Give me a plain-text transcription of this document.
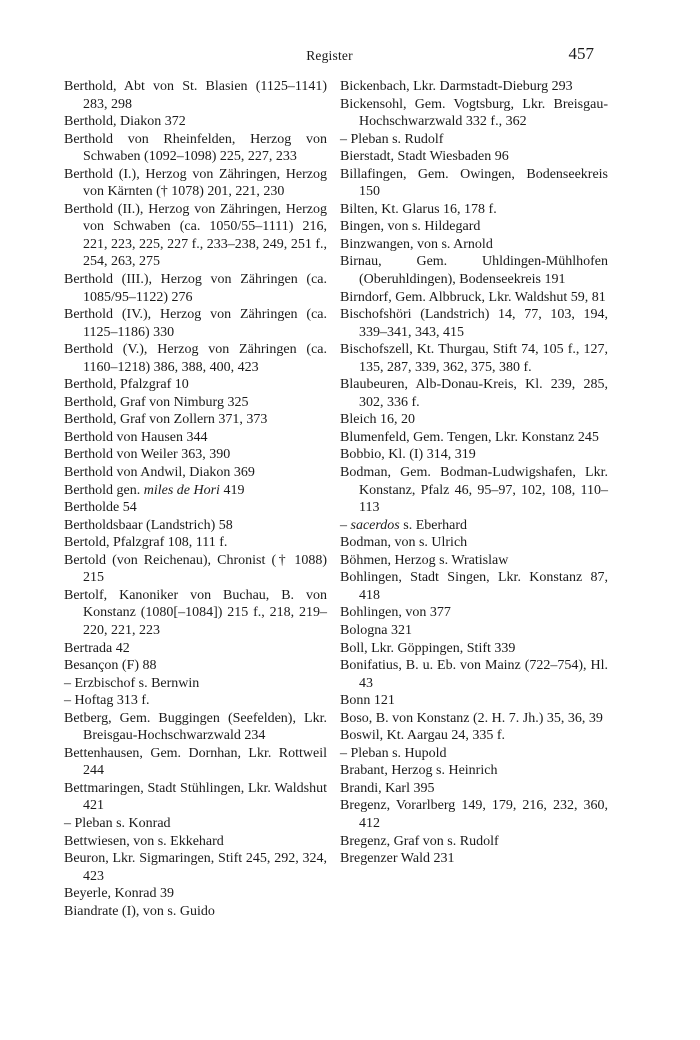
Register	457
Berthold, Abt von St. Blasien (1125–1141) 283, 298
Berthold, Diakon 372
Berthold von Rheinfelden, Herzog von Schwaben (1092–1098) 225, 227, 233
Berthold (I.), Herzog von Zähringen, Herzog von Kärnten († 1078) 201, 221, 230
Berthold (II.), Herzog von Zähringen, Herzog von Schwaben (ca. 1050/55–1111) 216, 221, 223, 225, 227 f., 233–238, 249, 251 f., 254, 263, 275
Berthold (III.), Herzog von Zähringen (ca. 1085/95–1122) 276
Berthold (IV.), Herzog von Zähringen (ca. 1125–1186) 330
Berthold (V.), Herzog von Zähringen (ca. 1160–1218) 386, 388, 400, 423
Berthold, Pfalzgraf 10
Berthold, Graf von Nimburg 325
Berthold, Graf von Zollern 371, 373
Berthold von Hausen 344
Berthold von Weiler 363, 390
Berthold von Andwil, Diakon 369
Berthold gen. miles de Hori 419
Bertholde 54
Bertholdsbaar (Landstrich) 58
Bertold, Pfalzgraf 108, 111 f.
Bertold (von Reichenau), Chronist († 1088) 215
Bertolf, Kanoniker von Buchau, B. von Konstanz (1080[–1084]) 215 f., 218, 219–220, 221, 223
Bertrada 42
Besançon (F) 88
– Erzbischof s. Bernwin
– Hoftag 313 f.
Betberg, Gem. Buggingen (Seefelden), Lkr. Breisgau-Hochschwarzwald 234
Bettenhausen, Gem. Dornhan, Lkr. Rottweil 244
Bettmaringen, Stadt Stühlingen, Lkr. Waldshut 421
– Pleban s. Konrad
Bettwiesen, von s. Ekkehard
Beuron, Lkr. Sigmaringen, Stift 245, 292, 324, 423
Beyerle, Konrad 39
Biandrate (I), von s. Guido
Bickenbach, Lkr. Darmstadt-Dieburg 293
Bickensohl, Gem. Vogtsburg, Lkr. Breisgau-Hochschwarzwald 332 f., 362
– Pleban s. Rudolf
Bierstadt, Stadt Wiesbaden 96
Billafingen, Gem. Owingen, Bodenseekreis 150
Bilten, Kt. Glarus 16, 178 f.
Bingen, von s. Hildegard
Binzwangen, von s. Arnold
Birnau, Gem. Uhldingen-Mühlhofen (Oberuhldingen), Bodenseekreis 191
Birndorf, Gem. Albbruck, Lkr. Waldshut 59, 81
Bischofshöri (Landstrich) 14, 77, 103, 194, 339–341, 343, 415
Bischofszell, Kt. Thurgau, Stift 74, 105 f., 127, 135, 287, 339, 362, 375, 380 f.
Blaubeuren, Alb-Donau-Kreis, Kl. 239, 285, 302, 336 f.
Bleich 16, 20
Blumenfeld, Gem. Tengen, Lkr. Konstanz 245
Bobbio, Kl. (I) 314, 319
Bodman, Gem. Bodman-Ludwigshafen, Lkr. Konstanz, Pfalz 46, 95–97, 102, 108, 110–113
– sacerdos s. Eberhard
Bodman, von s. Ulrich
Böhmen, Herzog s. Wratislaw
Bohlingen, Stadt Singen, Lkr. Konstanz 87, 418
Bohlingen, von 377
Bologna 321
Boll, Lkr. Göppingen, Stift 339
Bonifatius, B. u. Eb. von Mainz (722–754), Hl. 43
Bonn 121
Boso, B. von Konstanz (2. H. 7. Jh.) 35, 36, 39
Boswil, Kt. Aargau 24, 335 f.
– Pleban s. Hupold
Brabant, Herzog s. Heinrich
Brandi, Karl 395
Bregenz, Vorarlberg 149, 179, 216, 232, 360, 412
Bregenz, Graf von s. Rudolf
Bregenzer Wald 231
